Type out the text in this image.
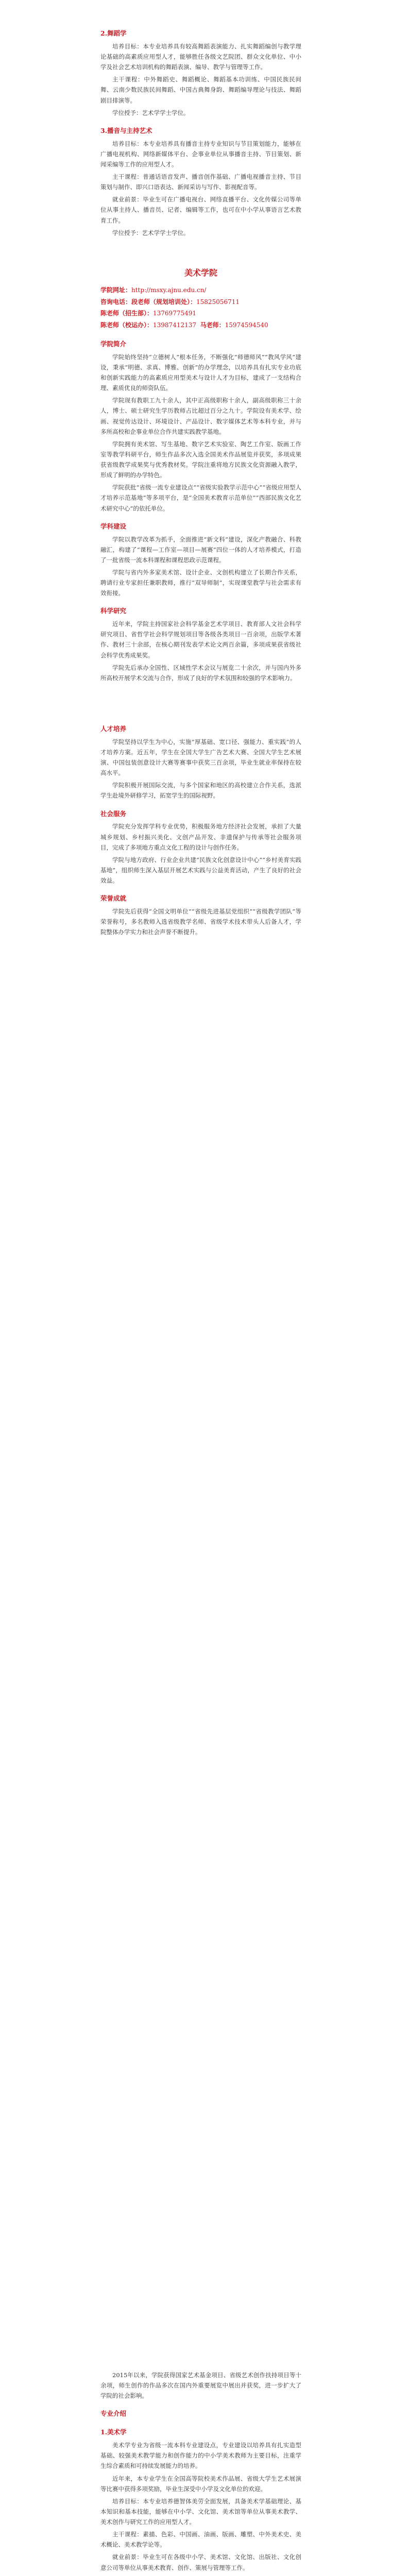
2.舞蹈学
培养目标：本专业培养具有较高舞蹈表演能力、扎实舞蹈编创与教学理论基础的高素质应用型人才，能够胜任各级文艺院团、群众文化单位、中小学及社会艺术培训机构的舞蹈表演、编导、教学与管理等工作。
主干课程：中外舞蹈史、舞蹈概论、舞蹈基本功训练、中国民族民间舞、云南少数民族民间舞蹈、中国古典舞身韵、舞蹈编导理论与技法、舞蹈剧目排演等。
学位授予：艺术学学士学位。
3.播音与主持艺术
培养目标：本专业培养具有播音主持专业知识与节目策划能力，能够在广播电视机构、网络新媒体平台、企事业单位从事播音主持、节目策划、新闻采编等工作的应用型人才。
主干课程：普通话语音发声、播音创作基础、广播电视播音主持、节目策划与制作、即兴口语表达、新闻采访与写作、影视配音等。
就业前景：毕业生可在广播电视台、网络直播平台、文化传媒公司等单位从事主持人、播音员、记者、编辑等工作，也可在中小学从事语言艺术教育工作。
学位授予：艺术学学士学位。
美术学院
学院网址：http://msxy.ajnu.edu.cn/
咨询电话：段老师（规划培训处）：15825056711
陈老师（招生部）：13769775491
陈老师（校运办）：13987412137 马老师：15974594540
学院简介
学院始终坚持“立德树人”根本任务，不断强化“师德师风”“教风学风”建设，秉承“明德、求真、博雅、创新”的办学理念，以培养具有扎实专业功底和创新实践能力的高素质应用型美术与设计人才为目标，建成了一支结构合理、素质优良的师资队伍。
学院现有教职工九十余人，其中正高级职称十余人，副高级职称三十余人，博士、硕士研究生学历教师占比超过百分之九十。学院设有美术学、绘画、视觉传达设计、环境设计、产品设计、数字媒体艺术等本科专业，并与多所高校和企事业单位合作共建实践教学基地。
学院拥有美术馆、写生基地、数字艺术实验室、陶艺工作室、版画工作室等教学科研平台，师生作品多次入选全国美术作品展览并获奖，多项成果获省级教学成果奖与优秀教材奖。学院注重将地方民族文化资源融入教学，形成了鲜明的办学特色。
学院获批“省级一流专业建设点”“省级实验教学示范中心”“省级应用型人才培养示范基地”等多项平台，是“全国美术教育示范单位”“西部民族文化艺术研究中心”的依托单位。
学科建设
学院以教学改革为抓手，全面推进“新文科”建设，深化产教融合、科教融汇，构建了“课程—工作室—项目—展赛”四位一体的人才培养模式，打造了一批省级一流本科课程和课程思政示范课程。
学院与省内外多家美术馆、设计企业、文创机构建立了长期合作关系，聘请行业专家担任兼职教师，推行“双导师制”，实现课堂教学与社会需求有效衔接。
科学研究
近年来，学院主持国家社会科学基金艺术学项目、教育部人文社会科学研究项目、省哲学社会科学规划项目等各级各类项目一百余项，出版学术著作、教材三十余部，在核心期刊发表学术论文两百余篇，多项成果获省级社会科学优秀成果奖。
学院先后承办全国性、区域性学术会议与展览二十余次，并与国内外多所高校开展学术交流与合作，形成了良好的学术氛围和较强的学术影响力。
人才培养
学院坚持以学生为中心，实施“厚基础、宽口径、强能力、重实践”的人才培养方案。近五年，学生在全国大学生广告艺术大赛、全国大学生艺术展演、中国包装创意设计大赛等赛事中获奖三百余项，毕业生就业率保持在较高水平。
学院积极开展国际交流，与多个国家和地区的高校建立合作关系，选派学生赴境外研修学习，拓宽学生的国际视野。
社会服务
学院充分发挥学科专业优势，积极服务地方经济社会发展，承担了大量城乡规划、乡村振兴美化、文创产品开发、非遗保护与传承等社会服务项目，完成了多项地方重点文化工程的设计与创作任务。
学院与地方政府、行业企业共建“民族文化创意设计中心”“乡村美育实践基地”，组织师生深入基层开展艺术实践与公益美育活动，产生了良好的社会效益。
荣誉成就
学院先后获得“全国文明单位”“省级先进基层党组织”“省级教学团队”等荣誉称号，多名教师入选省级教学名师、省级学术技术带头人后备人才，学院整体办学实力和社会声誉不断提升。
2015年以来，学院获得国家艺术基金项目、省级艺术创作扶持项目等十余项，师生创作的作品多次在国内外重要展览中展出并获奖，进一步扩大了学院的社会影响。
专业介绍
1.美术学
美术学专业为省级一流本科专业建设点，专业建设以培养具有扎实造型基础、较强美术教学能力和创作能力的中小学美术教师为主要目标，注重学生综合素质和可持续发展能力的培养。
近年来，本专业学生在全国高等院校美术作品展、省级大学生艺术展演等比赛中获得多项奖励，毕业生深受中小学及文化单位的欢迎。
培养目标：本专业培养德智体美劳全面发展，具备美术学基础理论、基本知识和基本技能，能够在中小学、文化馆、美术馆等单位从事美术教学、美术创作与研究工作的应用型人才。
主干课程：素描、色彩、中国画、油画、版画、雕塑、中外美术史、美术概论、美术教学论等。
就业前景：毕业生可在各级中小学、美术馆、文化馆、出版社、文化创意公司等单位从事美术教育、创作、策展与管理等工作。
